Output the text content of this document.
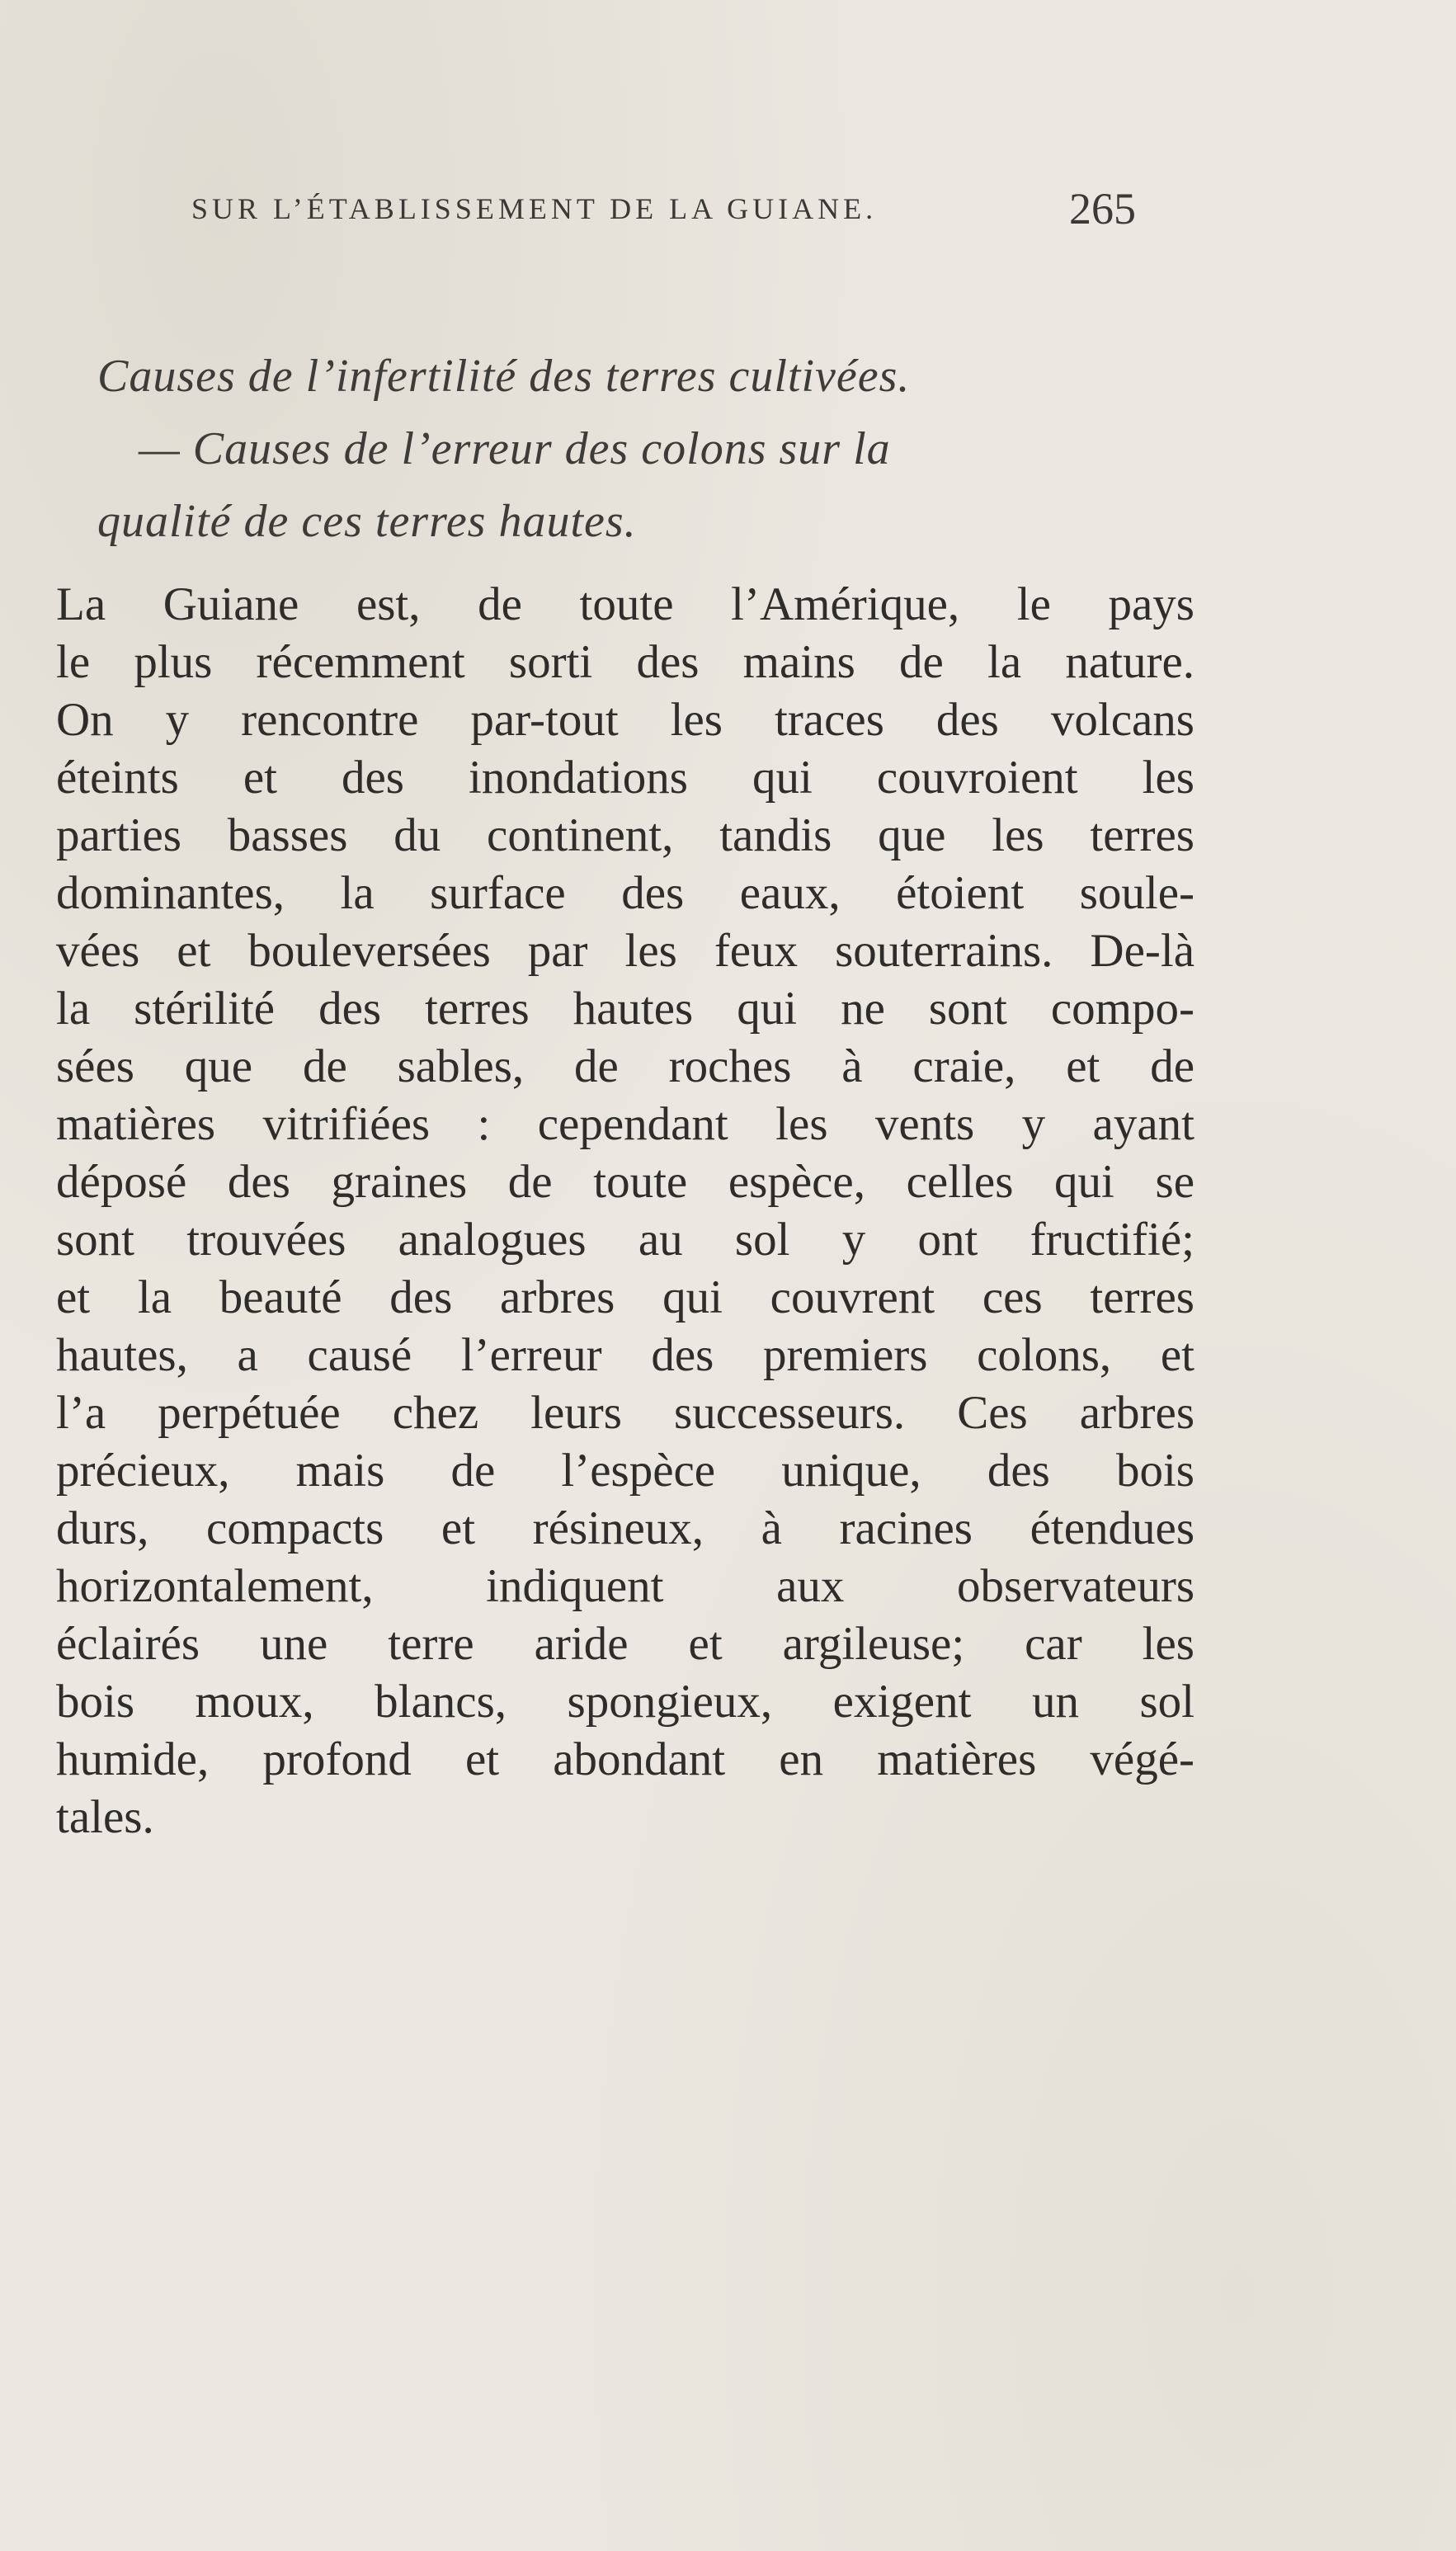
SUR L’ÉTABLISSEMENT DE LA GUIANE.	265
Causes de l’infertilité des terres cultivées.
— Causes de l’erreur des colons sur la
qualité de ces terres hautes.
La Guiane est, de toute l’Amérique, le pays
le plus récemment sorti des mains de la nature.
On y rencontre par-tout les traces des volcans
éteints et des inondations qui couvroient les
parties basses du continent, tandis que les terres
dominantes, la surface des eaux, étoient soule-
vées et bouleversées par les feux souterrains. De-là
la stérilité des terres hautes qui ne sont compo-
sées que de sables, de roches à craie, et de
matières vitrifiées : cependant les vents y ayant
déposé des graines de toute espèce, celles qui se
sont trouvées analogues au sol y ont fructifié;
et la beauté des arbres qui couvrent ces terres
hautes, a causé l’erreur des premiers colons, et
l’a perpétuée chez leurs successeurs. Ces arbres
précieux, mais de l’espèce unique, des bois
durs, compacts et résineux, à racines étendues
horizontalement, indiquent aux observateurs
éclairés une terre aride et argileuse; car les
bois moux, blancs, spongieux, exigent un sol
humide, profond et abondant en matières végé-
tales.
